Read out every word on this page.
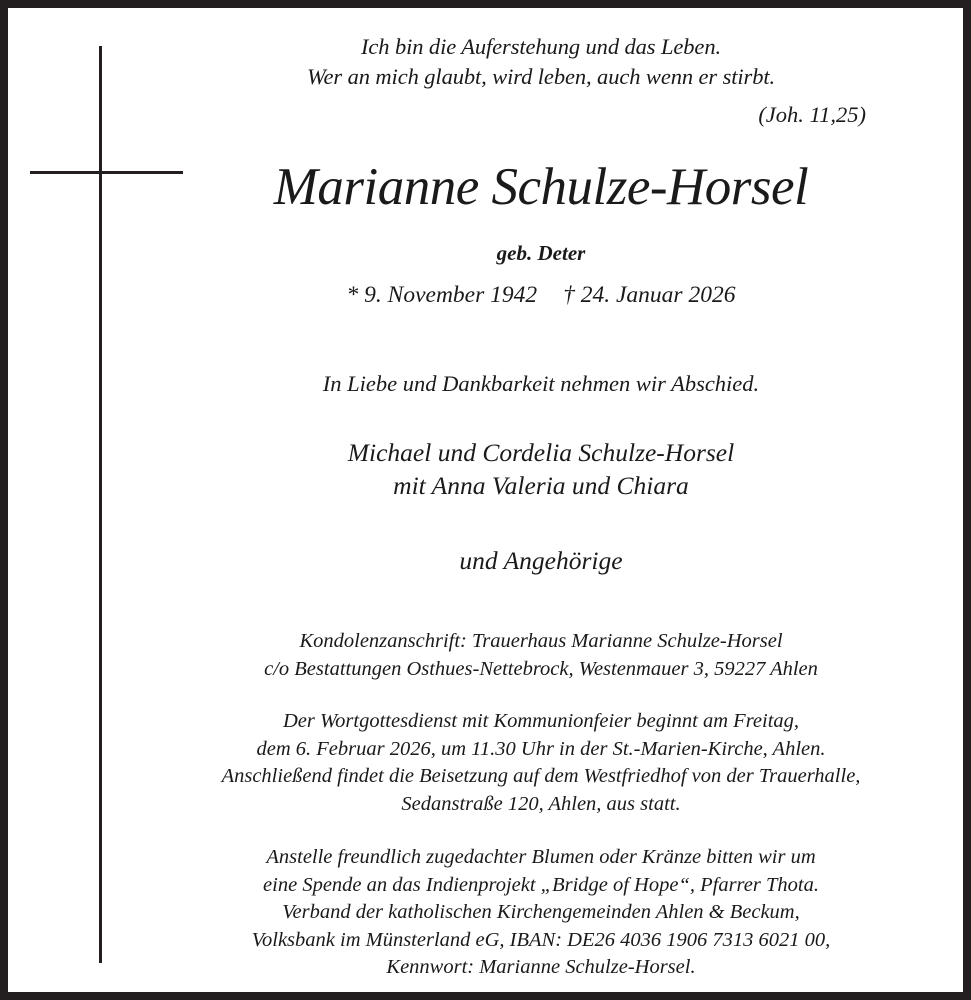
Ich bin die Auferstehung und das Leben.
Wer an mich glaubt, wird leben, auch wenn er stirbt.
(Joh. 11,25)
Marianne Schulze-Horsel
geb. Deter
* 9. November 1942 † 24. Januar 2026
In Liebe und Dankbarkeit nehmen wir Abschied.
Michael und Cordelia Schulze-Horsel
mit Anna Valeria und Chiara
und Angehörige
Kondolenzanschrift: Trauerhaus Marianne Schulze-Horsel
c/o Bestattungen Osthues-Nettebrock, Westenmauer 3, 59227 Ahlen
Der Wortgottesdienst mit Kommunionfeier beginnt am Freitag,
dem 6. Februar 2026, um 11.30 Uhr in der St.-Marien-Kirche, Ahlen.
Anschließend findet die Beisetzung auf dem Westfriedhof von der Trauerhalle,
Sedanstraße 120, Ahlen, aus statt.
Anstelle freundlich zugedachter Blumen oder Kränze bitten wir um
eine Spende an das Indienprojekt „Bridge of Hope“, Pfarrer Thota.
Verband der katholischen Kirchengemeinden Ahlen & Beckum,
Volksbank im Münsterland eG, IBAN: DE26 4036 1906 7313 6021 00,
Kennwort: Marianne Schulze-Horsel.
